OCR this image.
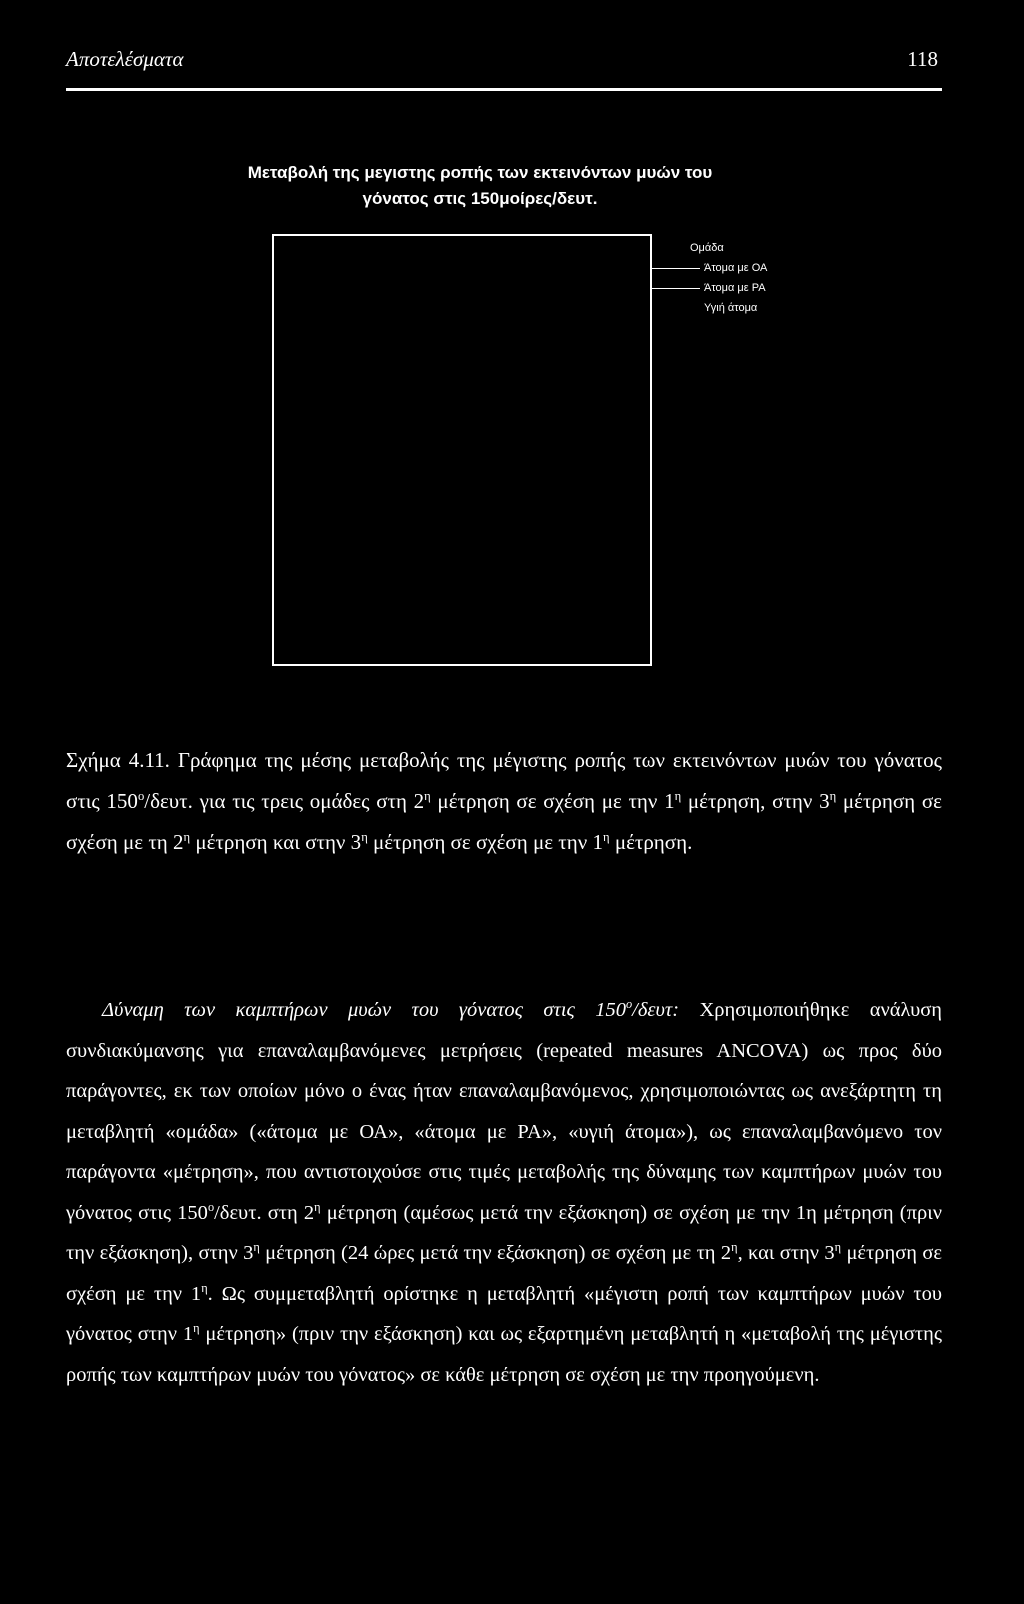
Αποτελέσματα	118
Μεταβολή της μεγιστης ροπής των εκτεινόντων μυών του
γόνατος στις 150μοίρες/δευτ.
Ομάδα
Άτομα με ΟΑ
Άτομα με ΡΑ
Υγιή άτομα

Σχήμα 4.11. Γράφημα της μέσης μεταβολής της μέγιστης ροπής των εκτεινόντων μυών του γόνατος στις $150^o$/δευτ. για τις τρεις ομάδες στη $2^\eta$ μέτρηση σε σχέση με την $1^\eta$ μέτρηση, στην $3^\eta$ μέτρηση σε σχέση με τη $2^\eta$ μέτρηση και στην $3^\eta$ μέτρηση σε σχέση με την $1^\eta$ μέτρηση.

Δύναμη των καμπτήρων μυών του γόνατος στις $150^o$/δευτ: Χρησιμοποιήθηκε ανάλυση συνδιακύμανσης για επαναλαμβανόμενες μετρήσεις (repeated measures ANCOVA) ως προς δύο παράγοντες, εκ των οποίων μόνο ο ένας ήταν επαναλαμβανόμενος, χρησιμοποιώντας ως ανεξάρτητη τη μεταβλητή «ομάδα» («άτομα με ΟΑ», «άτομα με ΡΑ», «υγιή άτομα»), ως επαναλαμβανόμενο τον παράγοντα «μέτρηση», που αντιστοιχούσε στις τιμές μεταβολής της δύναμης των καμπτήρων μυών του γόνατος στις $150^o$/δευτ. στη $2^\eta$ μέτρηση (αμέσως μετά την εξάσκηση) σε σχέση με την 1η μέτρηση (πριν την εξάσκηση), στην $3^\eta$ μέτρηση (24 ώρες μετά την εξάσκηση) σε σχέση με τη $2^\eta$, και στην $3^\eta$ μέτρηση σε σχέση με την $1^\eta$. Ως συμμεταβλητή ορίστηκε η μεταβλητή «μέγιστη ροπή των καμπτήρων μυών του γόνατος στην $1^\eta$ μέτρηση» (πριν την εξάσκηση) και ως εξαρτημένη μεταβλητή η «μεταβολή της μέγιστης ροπής των καμπτήρων μυών του γόνατος» σε κάθε μέτρηση σε σχέση με την προηγούμενη.
